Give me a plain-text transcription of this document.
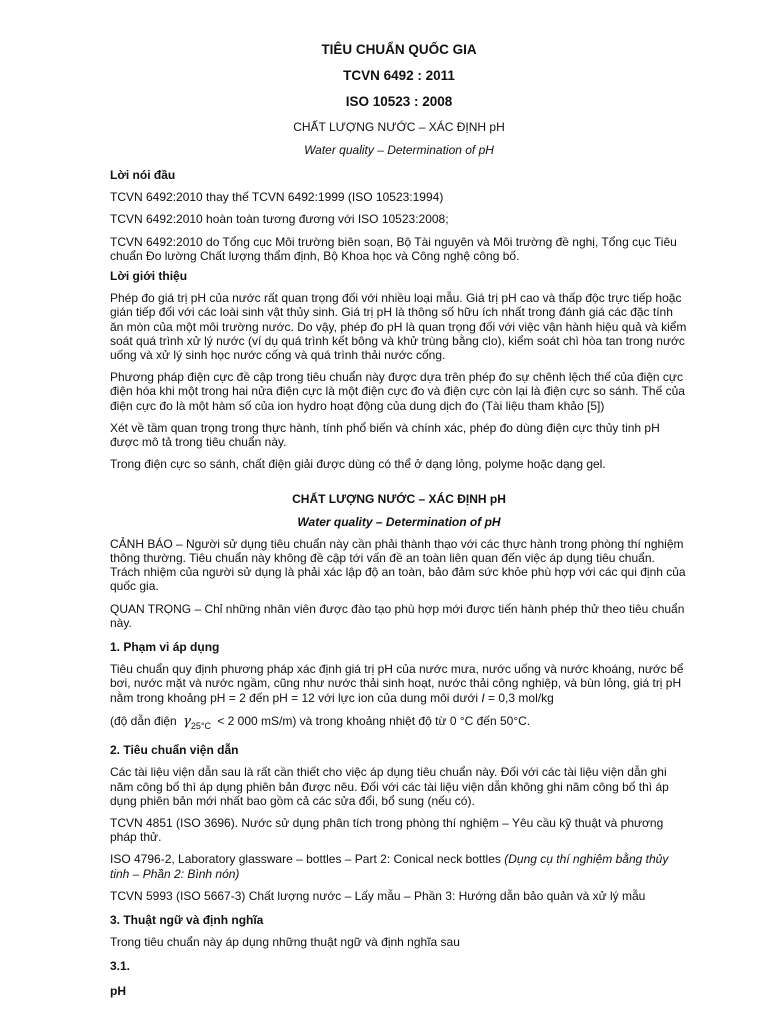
TIÊU CHUẨN QUỐC GIA
TCVN 6492 : 2011
ISO 10523 : 2008
CHẤT LƯỢNG NƯỚC – XÁC ĐỊNH pH
Water quality – Determination of pH
Lời nói đầu

TCVN 6492:2010 thay thế TCVN 6492:1999 (ISO 10523:1994)

TCVN 6492:2010 hoàn toàn tương đương với ISO 10523:2008;

TCVN 6492:2010 do Tổng cục Môi trường biên soạn, Bộ Tài nguyên và Môi trường đề nghị, Tổng cục Tiêu chuẩn Đo lường Chất lượng thẩm định, Bộ Khoa học và Công nghệ công bố.

Lời giới thiệu

Phép đo giá trị pH của nước rất quan trọng đối với nhiều loại mẫu. Giá trị pH cao và thấp độc trực tiếp hoặc gián tiếp đối với các loài sinh vật thủy sinh. Giá trị pH là thông số hữu ích nhất trong đánh giá các đặc tính ăn mòn của một môi trường nước. Do vậy, phép đo pH là quan trọng đối với việc vận hành hiệu quả và kiểm soát quá trình xử lý nước (ví dụ quá trình kết bông và khử trùng bằng clo), kiểm soát chì hòa tan trong nước uống và xử lý sinh học nước cống và quá trình thải nước cống.

Phương pháp điện cực đề cập trong tiêu chuẩn này được dựa trên phép đo sự chênh lệch thế của điện cực điện hóa khi một trong hai nửa điện cực là một điện cực đo và điện cực còn lại là điện cực so sánh. Thế của điện cực đo là một hàm số của ion hydro hoạt động của dung dịch đo (Tài liệu tham khảo [5])

Xét về tầm quan trọng trong thực hành, tính phổ biến và chính xác, phép đo dùng điện cực thủy tinh pH được mô tả trong tiêu chuẩn này.

Trong điện cực so sánh, chất điện giải được dùng có thể ở dạng lỏng, polyme hoặc dạng gel.

CHẤT LƯỢNG NƯỚC – XÁC ĐỊNH pH
Water quality – Determination of pH

CẢNH BÁO – Người sử dụng tiêu chuẩn này cần phải thành thạo với các thực hành trong phòng thí nghiệm thông thường. Tiêu chuẩn này không đề cập tới vấn đề an toàn liên quan đến việc áp dụng tiêu chuẩn. Trách nhiệm của người sử dụng là phải xác lập độ an toàn, bảo đảm sức khỏe phù hợp với các qui định của quốc gia.

QUAN TRỌNG – Chỉ những nhân viên được đào tạo phù hợp mới được tiến hành phép thử theo tiêu chuẩn này.

1. Phạm vi áp dụng

Tiêu chuẩn quy định phương pháp xác định giá trị pH của nước mưa, nước uống và nước khoáng, nước bể bơi, nước mặt và nước ngầm, cũng như nước thải sinh hoạt, nước thải công nghiệp, và bùn lỏng, giá trị pH nằm trong khoảng pH = 2 đến pH = 12 với lực ion của dung môi dưới I = 0,3 mol/kg

(độ dẫn điện $\gamma_{25^\circ C} < 2$ 000 mS/m) và trong khoảng nhiệt độ từ 0 °C đến 50°C.

2. Tiêu chuẩn viện dẫn

Các tài liệu viện dẫn sau là rất cần thiết cho việc áp dụng tiêu chuẩn này. Đối với các tài liệu viện dẫn ghi năm công bố thì áp dụng phiên bản được nêu. Đối với các tài liệu viện dẫn không ghi năm công bố thì áp dụng phiên bản mới nhất bao gồm cả các sửa đổi, bổ sung (nếu có).

TCVN 4851 (ISO 3696). Nước sử dụng phân tích trong phòng thí nghiệm – Yêu cầu kỹ thuật và phương pháp thử.

ISO 4796-2, Laboratory glassware – bottles – Part 2: Conical neck bottles (Dụng cụ thí nghiệm bằng thủy tinh – Phần 2: Bình nón)

TCVN 5993 (ISO 5667-3) Chất lượng nước – Lấy mẫu – Phần 3: Hướng dẫn bảo quản và xử lý mẫu

3. Thuật ngữ và định nghĩa

Trong tiêu chuẩn này áp dụng những thuật ngữ và định nghĩa sau

3.1.
pH
